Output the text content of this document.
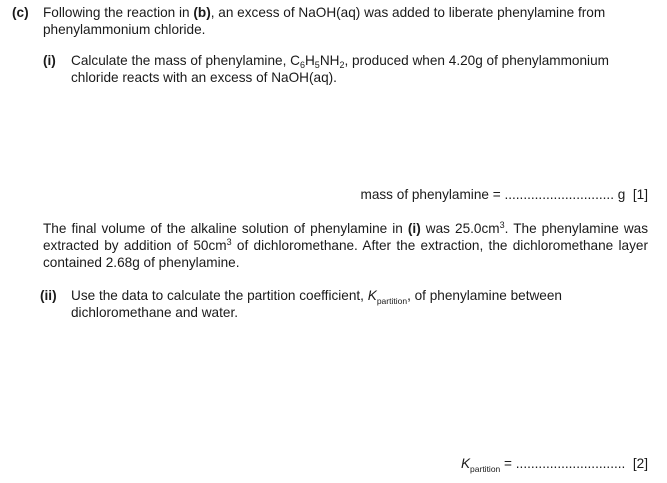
(c) Following the reaction in (b), an excess of NaOH(aq) was added to liberate phenylamine from
phenylammonium chloride.
(i) Calculate the mass of phenylamine, $C_6H_5NH_2$, produced when 4.20g of phenylammonium
chloride reacts with an excess of NaOH(aq).
mass of phenylamine = ............................. g [1]
The final volume of the alkaline solution of phenylamine in (i) was $25.0cm^3$. The phenylamine was extracted by addition of $50cm^3$ of dichloromethane. After the extraction, the dichloromethane layer contained 2.68g of phenylamine.
(ii) Use the data to calculate the partition coefficient, $K_{partition}$, of phenylamine between
dichloromethane and water.
$K_{partition}$ = ............................. [2]
